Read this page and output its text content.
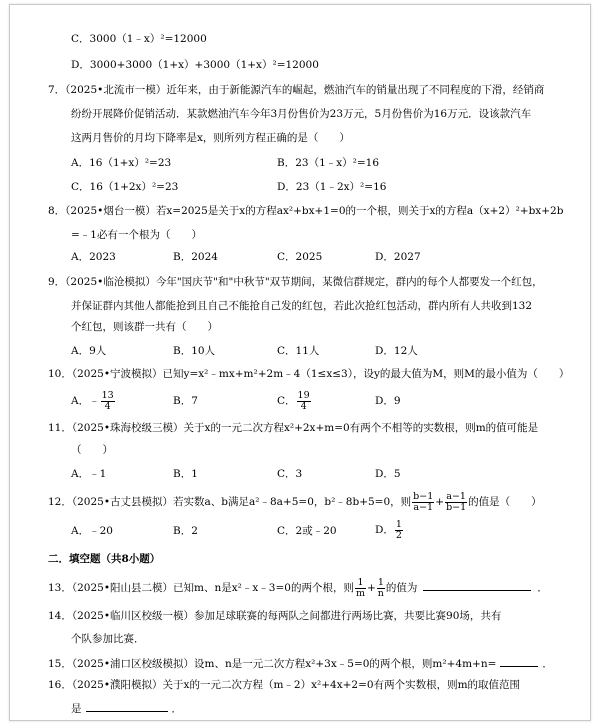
C．3000（1﹣x）²=12000
D．3000+3000（1+x）+3000（1+x）²=12000
7．（2025•北流市一模）近年来，由于新能源汽车的崛起，燃油汽车的销量出现了不同程度的下滑，经销商
纷纷开展降价促销活动．某款燃油汽车今年3月份售价为23万元，5月份售价为16万元．设该款汽车
这两月售价的月均下降率是x，则所列方程正确的是（　　）
A．16（1+x）²=23	B．23（1﹣x）²=16
C．16（1+2x）²=23	D．23（1﹣2x）²=16
8．（2025•烟台一模）若x=2025是关于x的方程ax²+bx+1=0的一个根，则关于x的方程a（x+2）²+bx+2b
=﹣1必有一个根为（　　）
A．2023	B．2024	C．2025	D．2027
9．（2025•临沧模拟）今年"国庆节"和"中秋节"双节期间，某微信群规定，群内的每个人都要发一个红包，
并保证群内其他人都能抢到且自己不能抢自己发的红包，若此次抢红包活动，群内所有人共收到132
个红包，则该群一共有（　　）
A．9人	B．10人	C．11人	D．12人
10．（2025•宁波模拟）已知y=x²﹣mx+m²+2m﹣4（1≤x≤3），设y的最大值为M，则M的最小值为（　　）
A．﹣ $\frac{13}{4}$	B．7	C． $\frac{19}{4}$	D．9
11．（2025•珠海校级三模）关于x的一元二次方程x²+2x+m=0有两个不相等的实数根，则m的值可能是
（　　）
A．﹣1	B．1	C．3	D．5
12．（2025•古丈县模拟）若实数a、b满足a²﹣8a+5=0，b²﹣8b+5=0，则 $\frac{b-1}{a-1} + \frac{a-1}{b-1}$ 的值是（　　）
A．﹣20	B．2	C．2或﹣20	D． $\frac{1}{2}$
二．填空题（共8小题）
13．（2025•阳山县二模）已知m、n是x²﹣x﹣3=0的两个根，则 $\frac{1}{m} + \frac{1}{n}$ 的值为	．
14．（2025•临川区校级一模）参加足球联赛的每两队之间都进行两场比赛，共要比赛90场，共有
个队参加比赛．
15．（2025•浦口区校级模拟）设m、n是一元二次方程x²+3x﹣5=0的两个根，则m²+4m+n=	．
16．（2025•濮阳模拟）关于x的一元二次方程（m﹣2）x²+4x+2=0有两个实数根，则m的取值范围
是	．
